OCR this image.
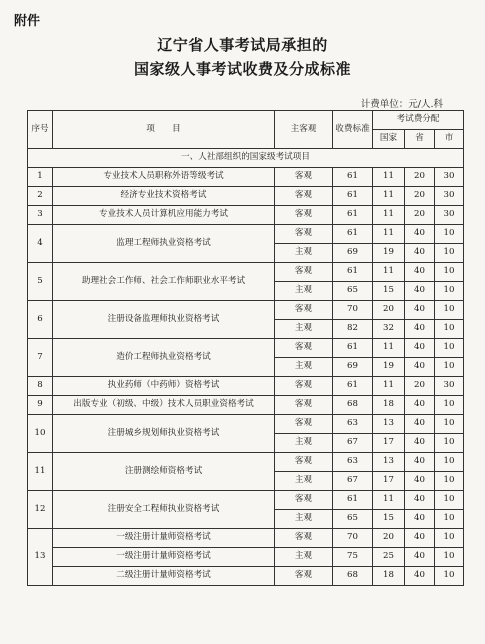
附件
辽宁省人事考试局承担的
国家级人事考试收费及分成标准
计费单位：元/人.科
序号	项　　目	主客观	收费标准	考试费分配		
				国家	省	市
一、人社部组织的国家级考试项目						
1	专业技术人员职称外语等级考试	客观	61	11	20	30
2	经济专业技术资格考试	客观	61	11	20	30
3	专业技术人员计算机应用能力考试	客观	61	11	20	30
4	监理工程师执业资格考试	客观	61	11	40	10
		主观	69	19	40	10
5	助理社会工作师、社会工作师职业水平考试	客观	61	11	40	10
		主观	65	15	40	10
6	注册设备监理师执业资格考试	客观	70	20	40	10
		主观	82	32	40	10
7	造价工程师执业资格考试	客观	61	11	40	10
		主观	69	19	40	10
8	执业药师（中药师）资格考试	客观	61	11	20	30
9	出版专业（初级、中级）技术人员职业资格考试	客观	68	18	40	10
10	注册城乡规划师执业资格考试	客观	63	13	40	10
		主观	67	17	40	10
11	注册测绘师资格考试	客观	63	13	40	10
		主观	67	17	40	10
12	注册安全工程师执业资格考试	客观	61	11	40	10
		主观	65	15	40	10
13	一级注册计量师资格考试	客观	70	20	40	10
	一级注册计量师资格考试	主观	75	25	40	10
	二级注册计量师资格考试	客观	68	18	40	10
